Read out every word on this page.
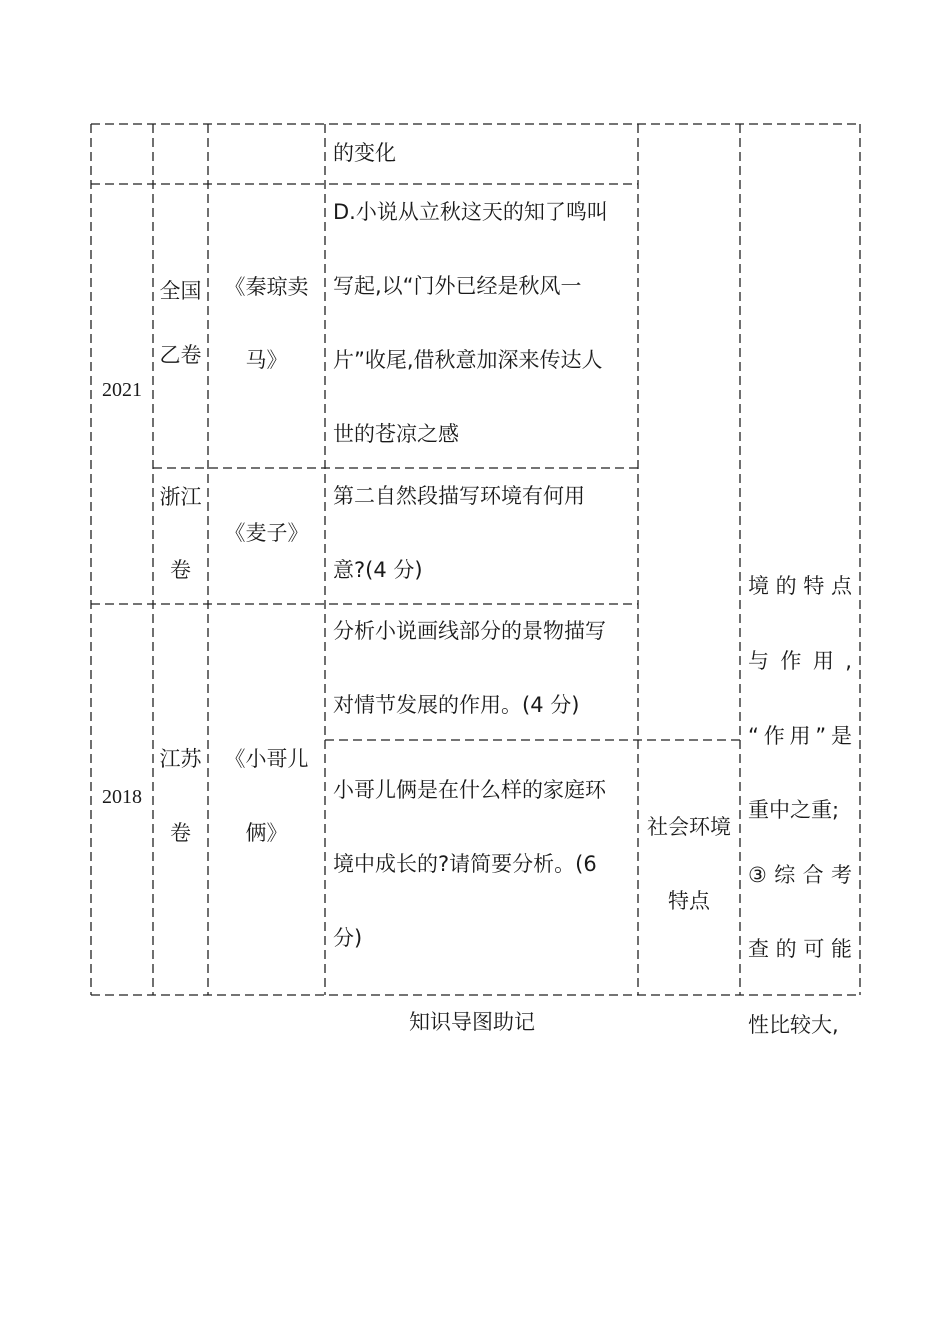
的变化
2021
2018
全国
乙卷
浙江
卷
江苏
卷
《秦琼卖
马》
《麦子》
《小哥儿
俩》
D.小说从立秋这天的知了鸣叫
写起,以“门外已经是秋风一
片”收尾,借秋意加深来传达人
世的苍凉之感
第二自然段描写环境有何用
意?(4 分)
分析小说画线部分的景物描写
对情节发展的作用。(4 分)
小哥儿俩是在什么样的家庭环
境中成长的?请简要分析。(6
分)
社会环境
特点
境的特点
与作用,
“作用”是
重中之重;
③综合考
查的可能
知识导图助记	性比较大,
